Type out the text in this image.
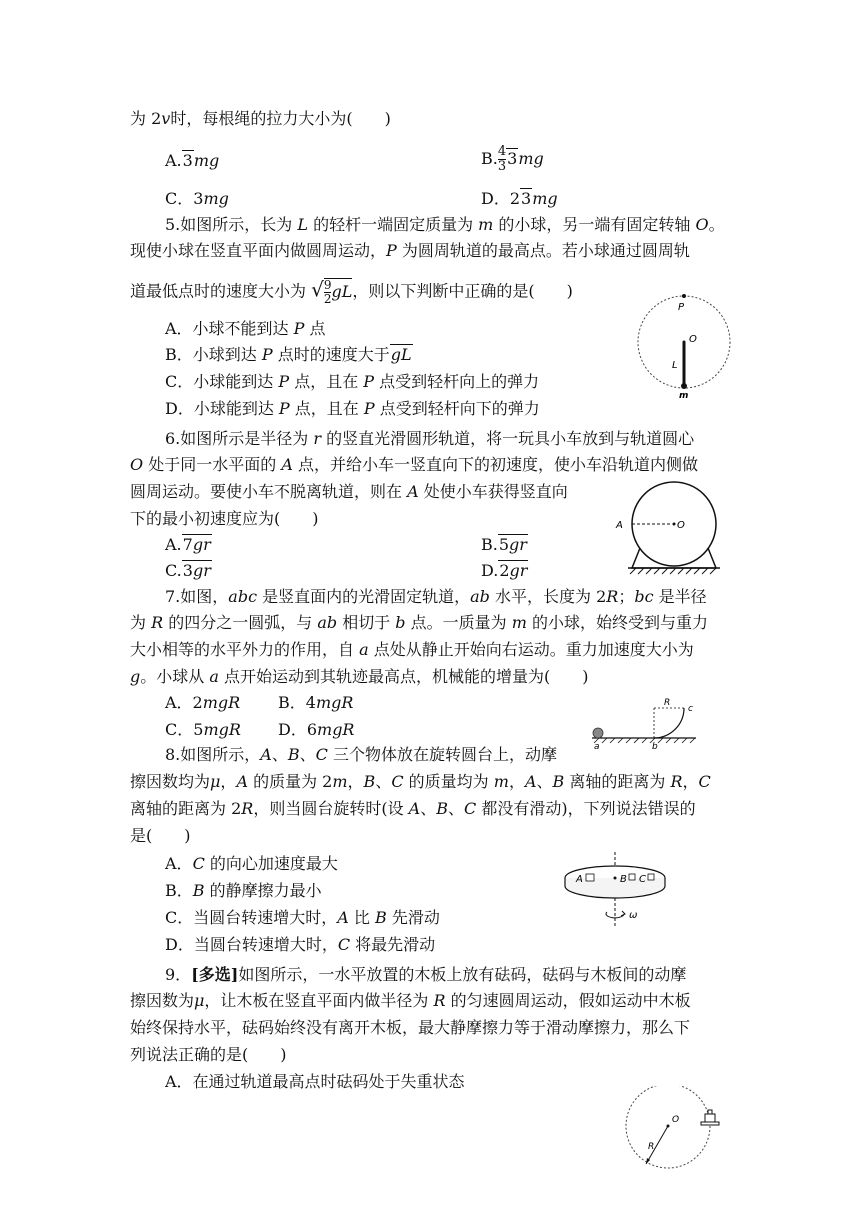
为 2v时，每根绳的拉力大小为(　　)
A.3mg	B. $\frac{4}{3} 3mg$
C．3mg	D．23mg
5.如图所示，长为 L 的轻杆一端固定质量为 m 的小球，另一端有固定转轴 O。
现使小球在竖直平面内做圆周运动，P 为圆周轨道的最高点。若小球通过圆周轨
道最低点时的速度大小为 √ $\frac{9}{2}$ gL，则以下判断中正确的是(　　)
A．小球不能到达 P 点
B．小球到达 P 点时的速度大于gL
C．小球能到达 P 点，且在 P 点受到轻杆向上的弹力
D．小球能到达 P 点，且在 P 点受到轻杆向下的弹力
P
O
L
m
6.如图所示是半径为 r 的竖直光滑圆形轨道，将一玩具小车放到与轨道圆心
O 处于同一水平面的 A 点，并给小车一竖直向下的初速度，使小车沿轨道内侧做
圆周运动。要使小车不脱离轨道，则在 A 处使小车获得竖直向
下的最小初速度应为(　　)
A.7gr	B.5gr
C.3gr	D.2gr
O
A
7.如图，abc 是竖直面内的光滑固定轨道，ab 水平，长度为 2R；bc 是半径
为 R 的四分之一圆弧，与 ab 相切于 b 点。一质量为 m 的小球，始终受到与重力
大小相等的水平外力的作用，自 a 点处从静止开始向右运动。重力加速度大小为
g。小球从 a 点开始运动到其轨迹最高点，机械能的增量为(　　)
A．2mgR B．4mgR
C．5mgR D．6mgR
R
c
a	b
8.如图所示，A、B、C 三个物体放在旋转圆台上，动摩
擦因数均为μ，A 的质量为 2m，B、C 的质量均为 m，A、B 离轴的距离为 R，C
离轴的距离为 2R，则当圆台旋转时(设 A、B、C 都没有滑动)，下列说法错误的
是(　　)
A．C 的向心加速度最大
B．B 的静摩擦力最小
C．当圆台转速增大时，A 比 B 先滑动
D．当圆台转速增大时，C 将最先滑动
A	B C
ω
9．[多选]如图所示，一水平放置的木板上放有砝码，砝码与木板间的动摩
擦因数为μ，让木板在竖直平面内做半径为 R 的匀速圆周运动，假如运动中木板
始终保持水平，砝码始终没有离开木板，最大静摩擦力等于滑动摩擦力，那么下
列说法正确的是(　　)
A．在通过轨道最高点时砝码处于失重状态
O
R
